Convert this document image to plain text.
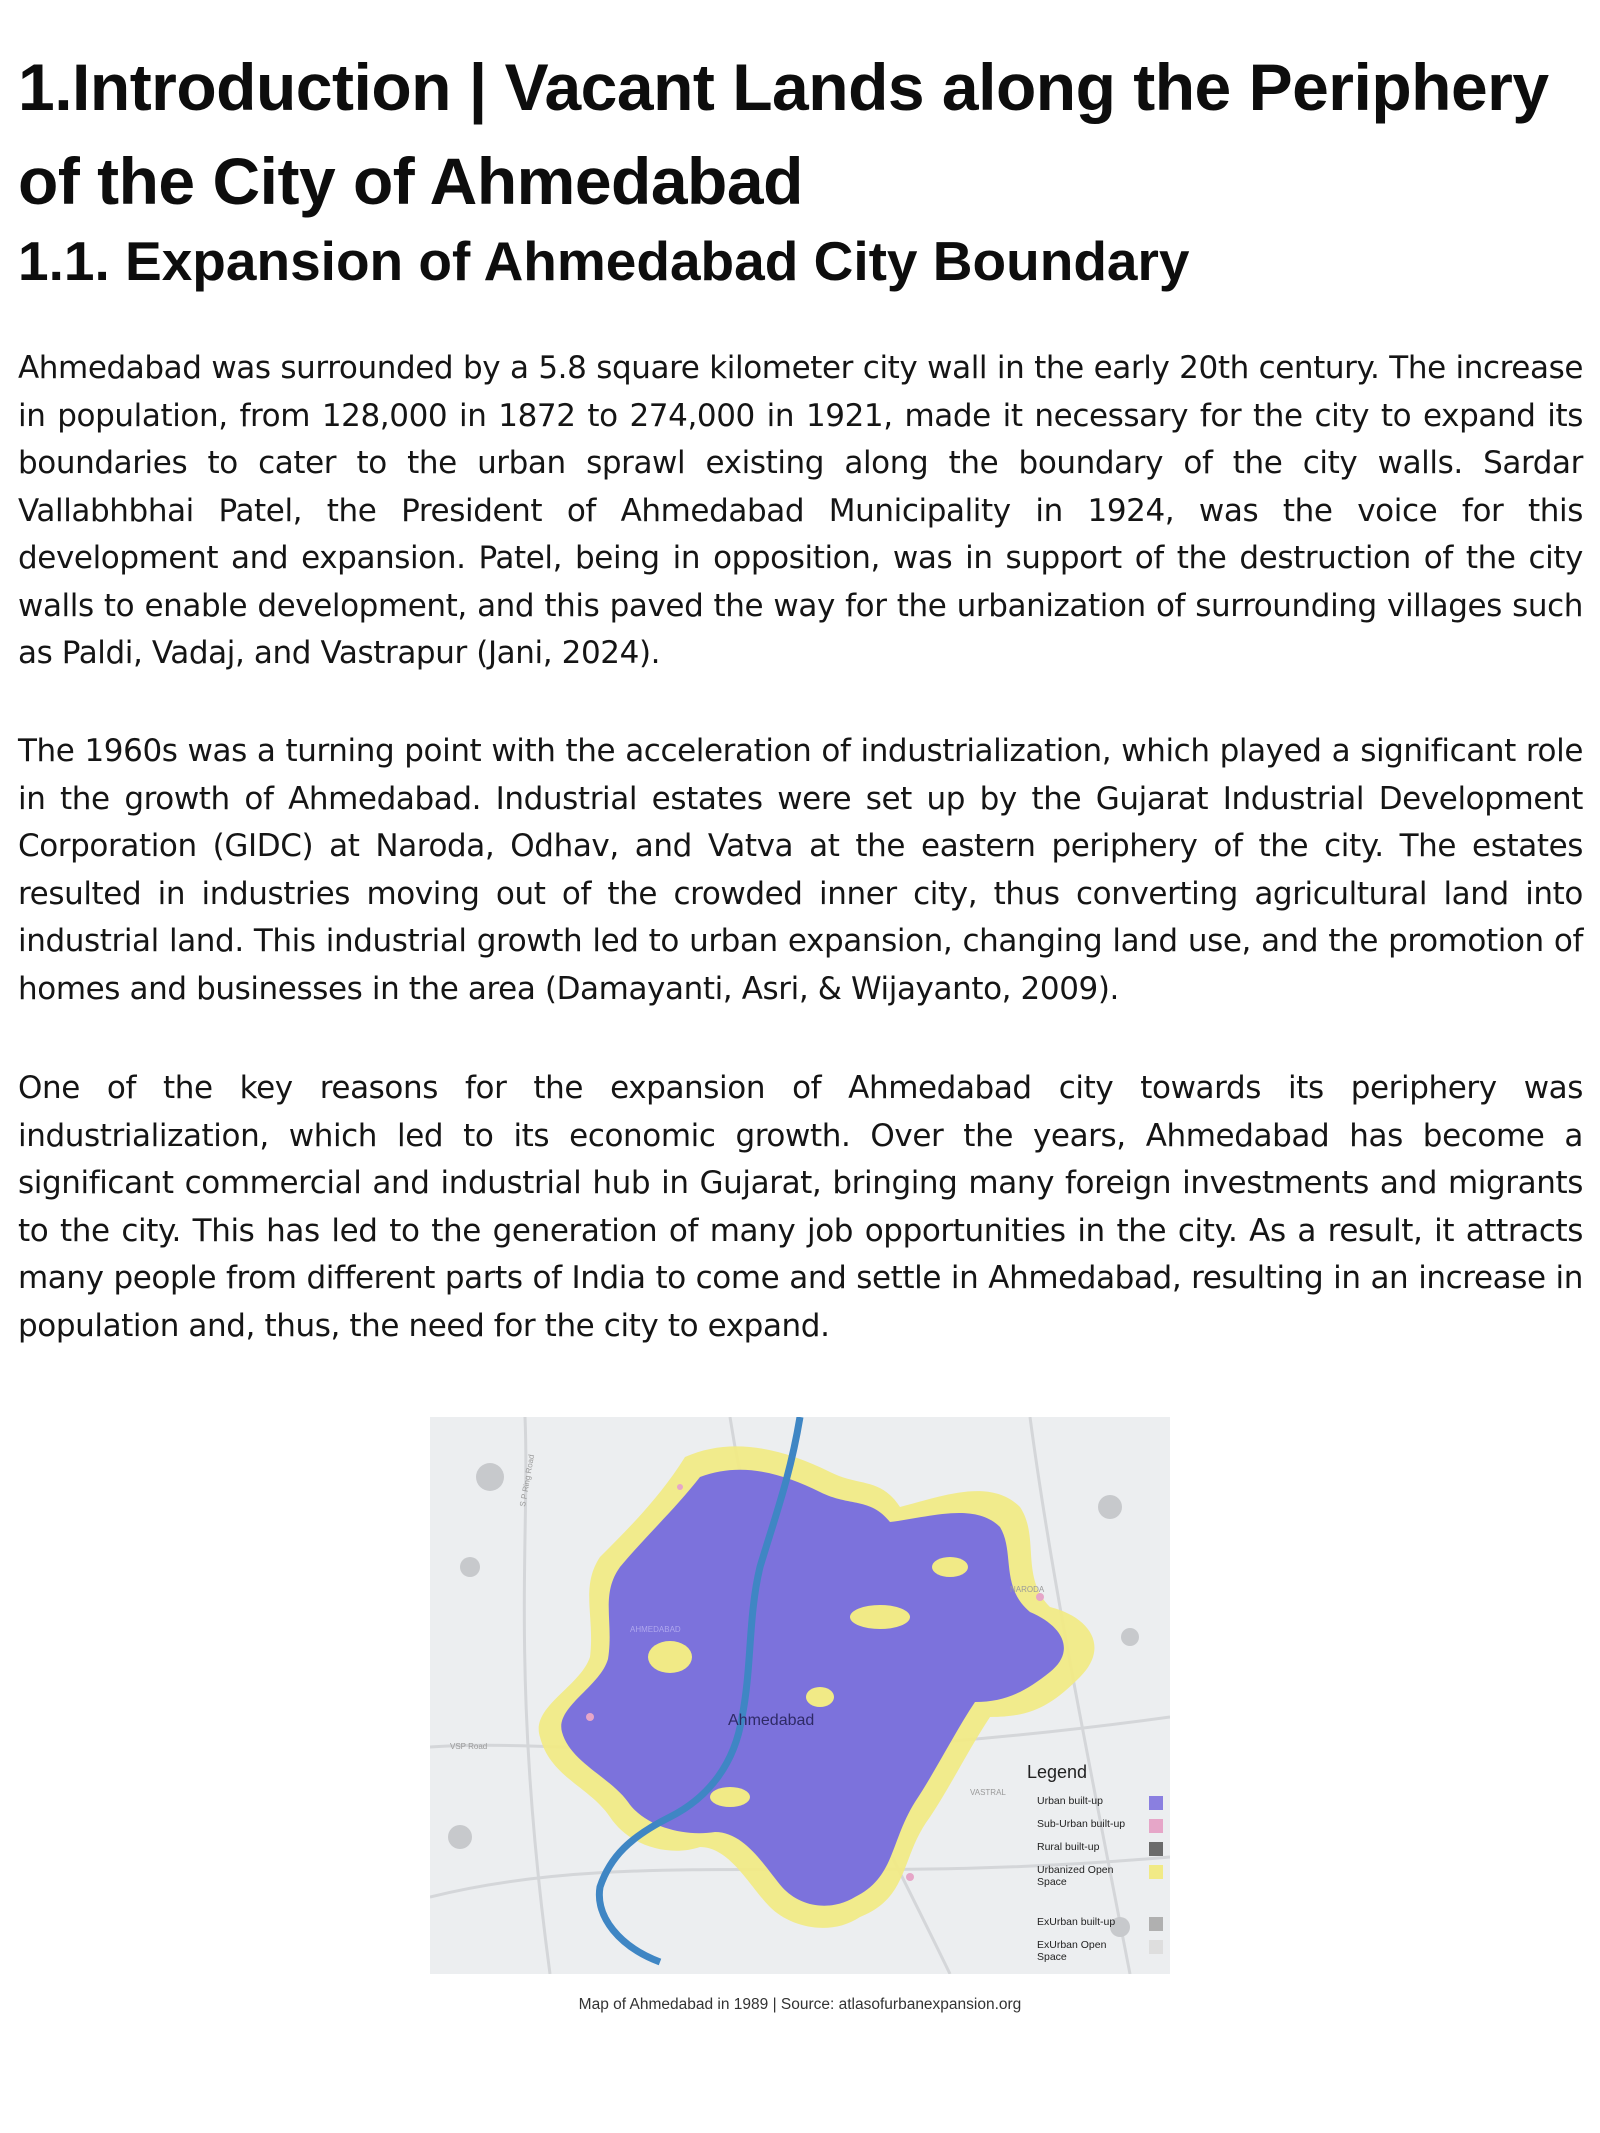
1.Introduction | Vacant Lands along the Periphery of the City of Ahmedabad
1.1. Expansion of Ahmedabad City Boundary

Ahmedabad was surrounded by a 5.8 square kilometer city wall in the early 20th century. The increase in population, from 128,000 in 1872 to 274,000 in 1921, made it necessary for the city to expand its boundaries to cater to the urban sprawl existing along the boundary of the city walls. Sardar Vallabhbhai Patel, the President of Ahmedabad Municipality in 1924, was the voice for this development and expansion. Patel, being in opposition, was in support of the destruction of the city walls to enable development, and this paved the way for the urbanization of surrounding villages such as Paldi, Vadaj, and Vastrapur (Jani, 2024).

The 1960s was a turning point with the acceleration of industrialization, which played a significant role in the growth of Ahmedabad. Industrial estates were set up by the Gujarat Industrial Development Corporation (GIDC) at Naroda, Odhav, and Vatva at the eastern periphery of the city. The estates resulted in industries moving out of the crowded inner city, thus converting agricultural land into industrial land. This industrial growth led to urban expansion, changing land use, and the promotion of homes and businesses in the area (Damayanti, Asri, & Wijayanto, 2009).

One of the key reasons for the expansion of Ahmedabad city towards its periphery was industrialization, which led to its economic growth. Over the years, Ahmedabad has become a significant commercial and industrial hub in Gujarat, bringing many foreign investments and migrants to the city. This has led to the generation of many job opportunities in the city. As a result, it attracts many people from different parts of India to come and settle in Ahmedabad, resulting in an increase in population and, thus, the need for the city to expand.

Ahmedabad
S P Ring Road
VSP Road
NARODA
VASTRAL
AHMEDABAD
Legend
Urban built-up
Sub-Urban built-up
Rural built-up
Urbanized Open Space
ExUrban built-up
ExUrban Open Space
Map of Ahmedabad in 1989 | Source: atlasofurbanexpansion.org
